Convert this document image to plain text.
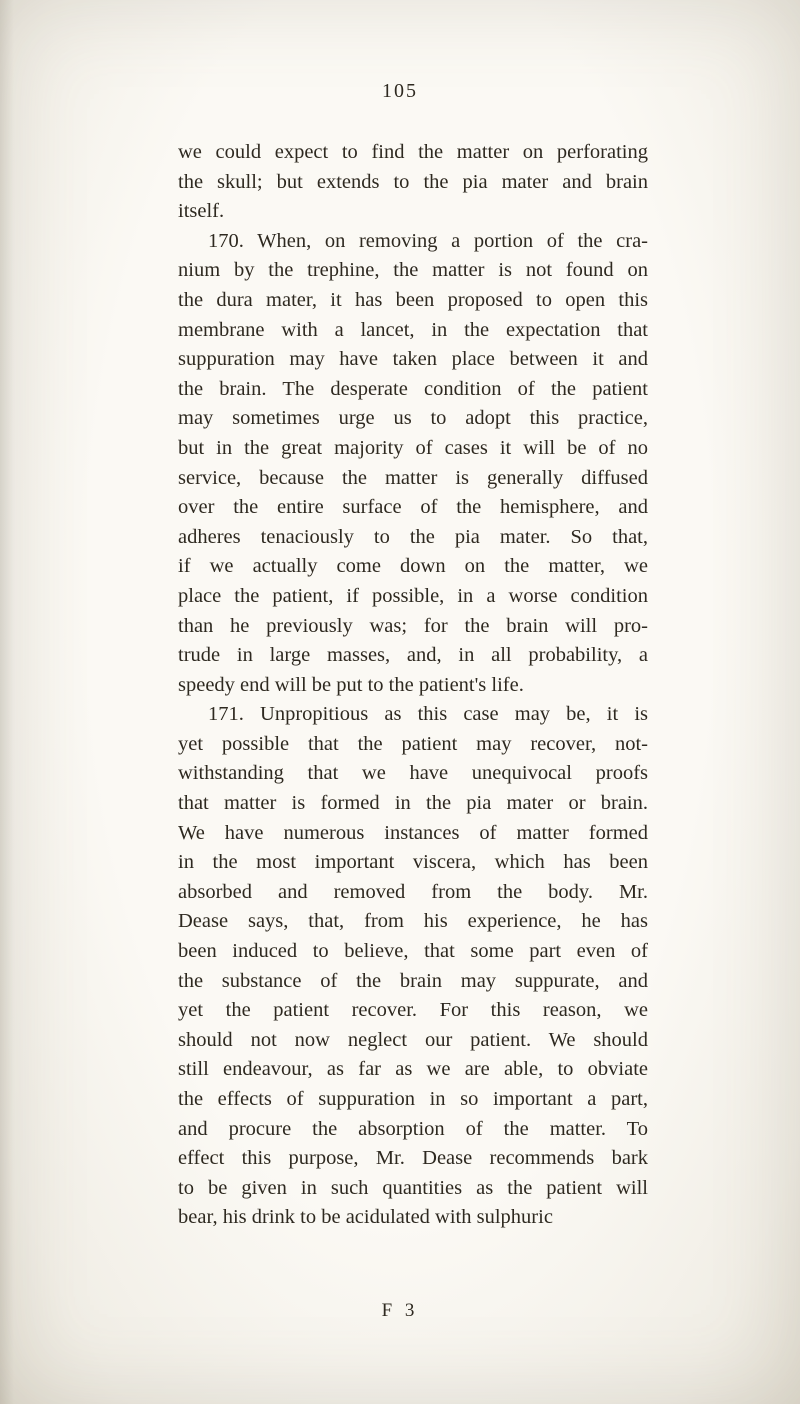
105
we could expect to find the matter on perforating
the skull; but extends to the pia mater and brain
itself.
170. When, on removing a portion of the cra-
nium by the trephine, the matter is not found on
the dura mater, it has been proposed to open this
membrane with a lancet, in the expectation that
suppuration may have taken place between it and
the brain. The desperate condition of the patient
may sometimes urge us to adopt this practice,
but in the great majority of cases it will be of no
service, because the matter is generally diffused
over the entire surface of the hemisphere, and
adheres tenaciously to the pia mater. So that,
if we actually come down on the matter, we
place the patient, if possible, in a worse condition
than he previously was; for the brain will pro-
trude in large masses, and, in all probability, a
speedy end will be put to the patient's life.
171. Unpropitious as this case may be, it is
yet possible that the patient may recover, not-
withstanding that we have unequivocal proofs
that matter is formed in the pia mater or brain.
We have numerous instances of matter formed
in the most important viscera, which has been
absorbed and removed from the body. Mr.
Dease says, that, from his experience, he has
been induced to believe, that some part even of
the substance of the brain may suppurate, and
yet the patient recover. For this reason, we
should not now neglect our patient. We should
still endeavour, as far as we are able, to obviate
the effects of suppuration in so important a part,
and procure the absorption of the matter. To
effect this purpose, Mr. Dease recommends bark
to be given in such quantities as the patient will
bear, his drink to be acidulated with sulphuric
F 3
